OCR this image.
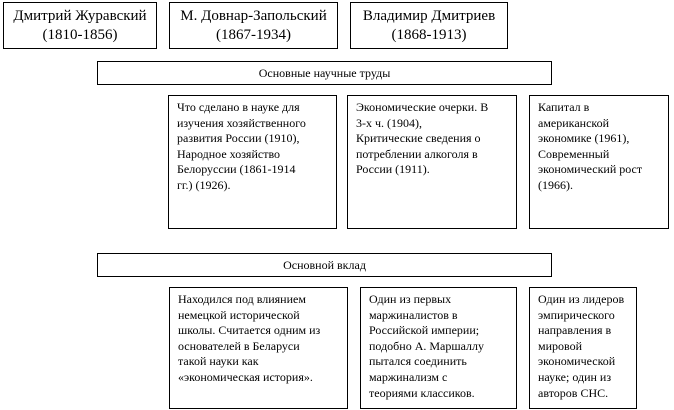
Дмитрий Журавский
(1810-1856)
М. Довнар-Запольский
(1867-1934)
Владимир Дмитриев
(1868-1913)
Основные научные труды
Что сделано в науке для
изучения хозяйственного
развития России (1910),
Народное хозяйство
Белоруссии (1861-1914
гг.) (1926).
Экономические очерки. В
3-х ч. (1904),
Критические сведения о
потреблении алкоголя в
России (1911).
Капитал в
американской
экономике (1961),
Современный
экономический рост
(1966).
Основной вклад
Находился под влиянием
немецкой исторической
школы. Считается одним из
основателей в Беларуси
такой науки как
«экономическая история».
Один из первых
маржиналистов в
Российской империи;
подобно А. Маршаллу
пытался соединить
маржинализм с
теориями классиков.
Один из лидеров
эмпирического
направления в
мировой
экономической
науке; один из
авторов СНС.
